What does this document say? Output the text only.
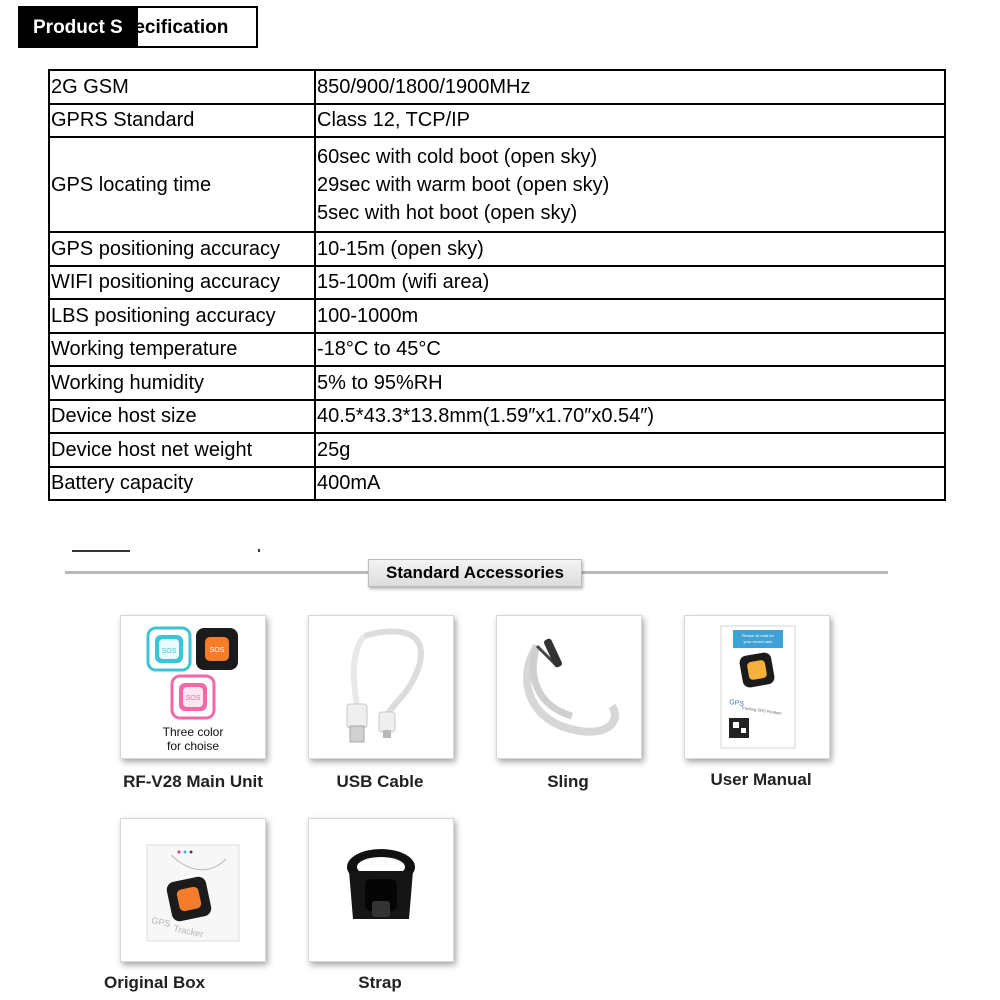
Product Specification
2G GSM	850/900/1800/1900MHz
GPRS Standard	Class 12, TCP/IP
GPS locating time	60sec with cold boot (open sky)
29sec with warm boot (open sky)
5sec with hot boot (open sky)

GPS positioning accuracy	10-15m (open sky)
WIFI positioning accuracy	15-100m (wifi area)
LBS positioning accuracy	100-1000m
Working temperature	-18°C to 45°C
Working humidity	5% to 95%RH
Device host size	40.5*43.3*13.8mm(1.59″x1.70″x0.54″)
Device host net weight	25g
Battery capacity	400mA
Standard Accessories
SOS	SOS
SOS
Three color
for choise
RF-V28 Main Unit	USB Cable	Sling
Please sit read for
your recent user
GPS
Tracking SOS Pendant
User Manual
GPS
Tracker
Original Box	Strap
